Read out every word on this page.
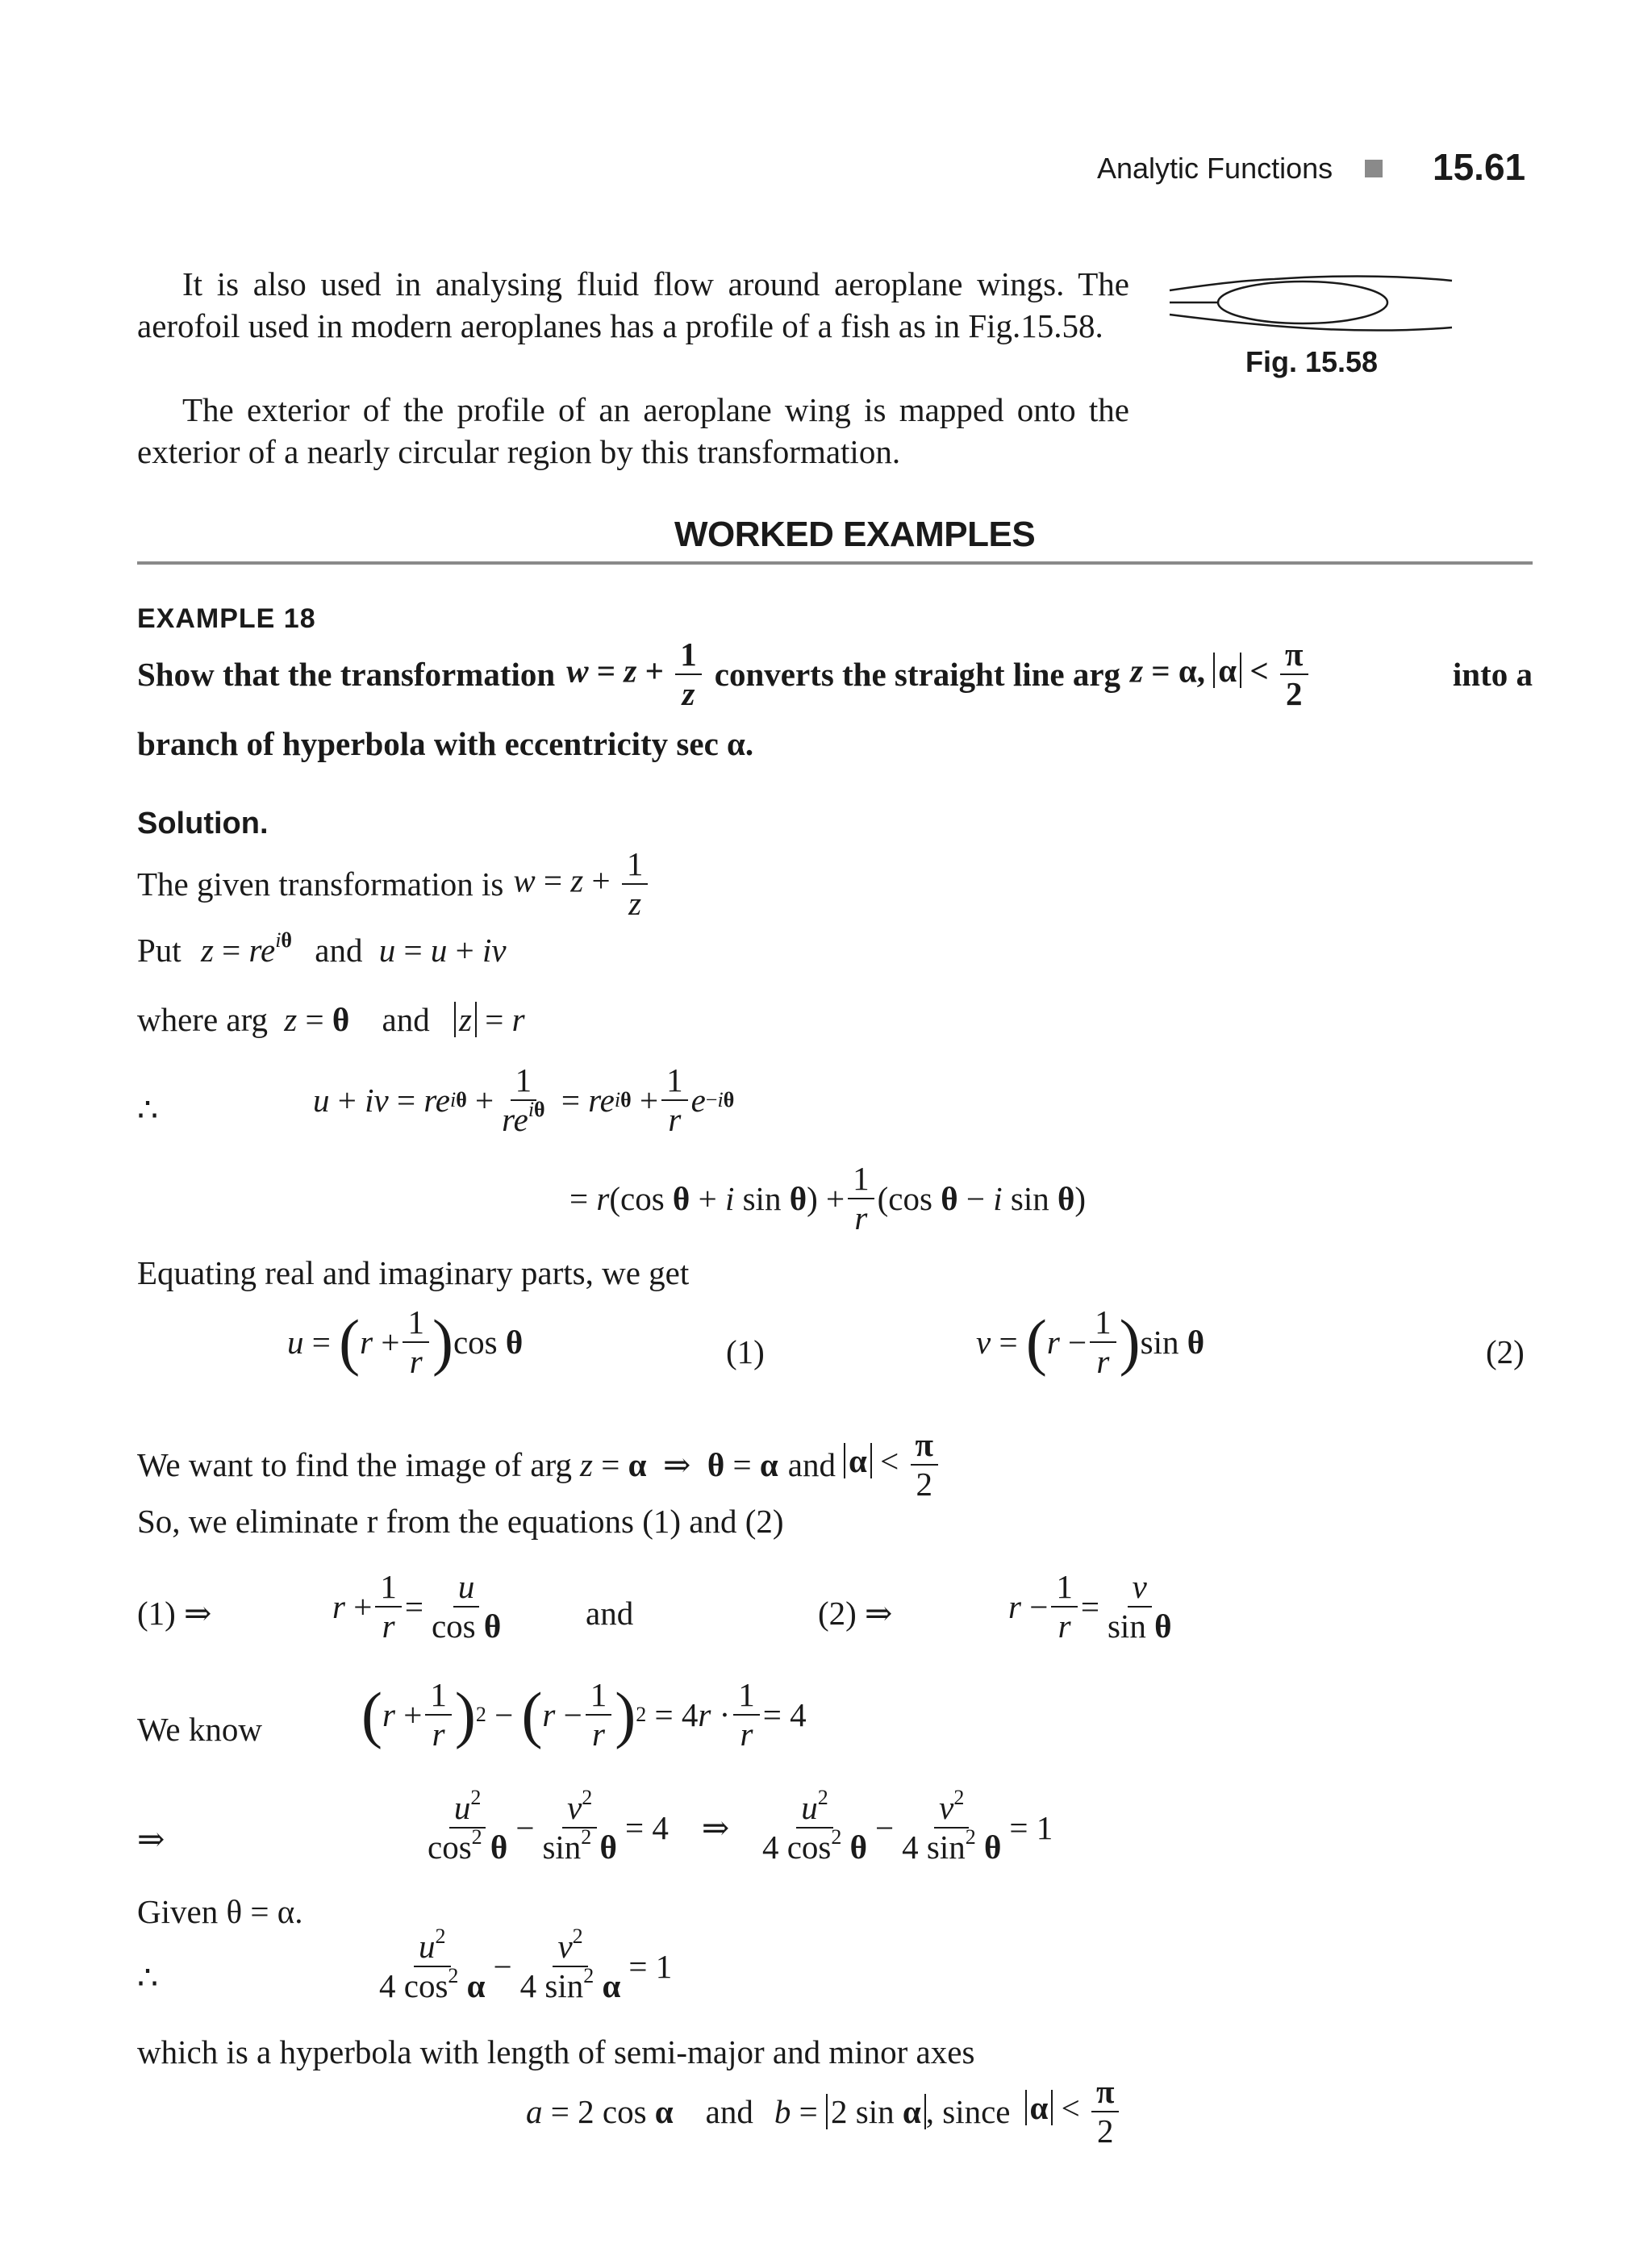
Analytic Functions	15.61
It is also used in analysing fluid flow around aeroplane wings. The aerofoil used in modern aeroplanes has a profile of a fish as in Fig.15.58.
The exterior of the profile of an aeroplane wing is mapped onto the exterior of a nearly circular region by this transformation.
Fig. 15.58
WORKED EXAMPLES
EXAMPLE 18
Show that the transformation $w = z + \frac{1}{z}$ converts the straight line arg z = α, $\alpha < \frac{\pi}{2}$	into a
branch of hyperbola with eccentricity sec α.
Solution.
The given transformation is $w = z + \frac{1}{z}$
Put $z = re^{i\theta}$ and u = u + iv
where arg z = θ and z = r
∴	u + iv = re $i\theta + \frac{1}{re^{i\theta}}$ = re $i\theta + \frac{1}{r}$ e −iθ
= r (cos θ + i sin θ ) + $\frac{1}{r} (\cos$ θ − i sin θ )
Equating real and imaginary parts, we get
u = ( $r + \frac{1}{r}$ ) cos θ	(1)	v = ( $r - \frac{1}{r}$ ) sin θ	(2)
We want to find the image of arg z = α  ⇒  θ = α and $\alpha < \frac{\pi}{2}$
So, we eliminate r from the equations (1) and (2)
(1) ⇒	$r + \frac{1}{r} = \frac{u}{\text{cos θ}}$ and	(2) ⇒	$r - \frac{1}{r} = \frac{v}{\text{sin θ}}$
We know ( $r + \frac{1}{r}$ ) 2 − ( $r - \frac{1}{r}$ ) 2 = 4 $r \cdot \frac{1}{r} = 4$
⇒	$\frac{u^2}{\cos^2 \theta} - \frac{v^2}{\sin^2 \theta} = 4$    ⇒ $\frac{u^2}{4 \cos^2 \theta} - \frac{v^2}{4 \sin^2 \theta} = 1$
Given θ = α.
∴	$\frac{u^2}{4 \cos^2 \alpha} - \frac{v^2}{4 \sin^2 \alpha} = 1$
which is a hyperbola with length of semi-major and minor axes
a = 2 cos α and b = 2 sin α , since $\alpha < \frac{\pi}{2}$
